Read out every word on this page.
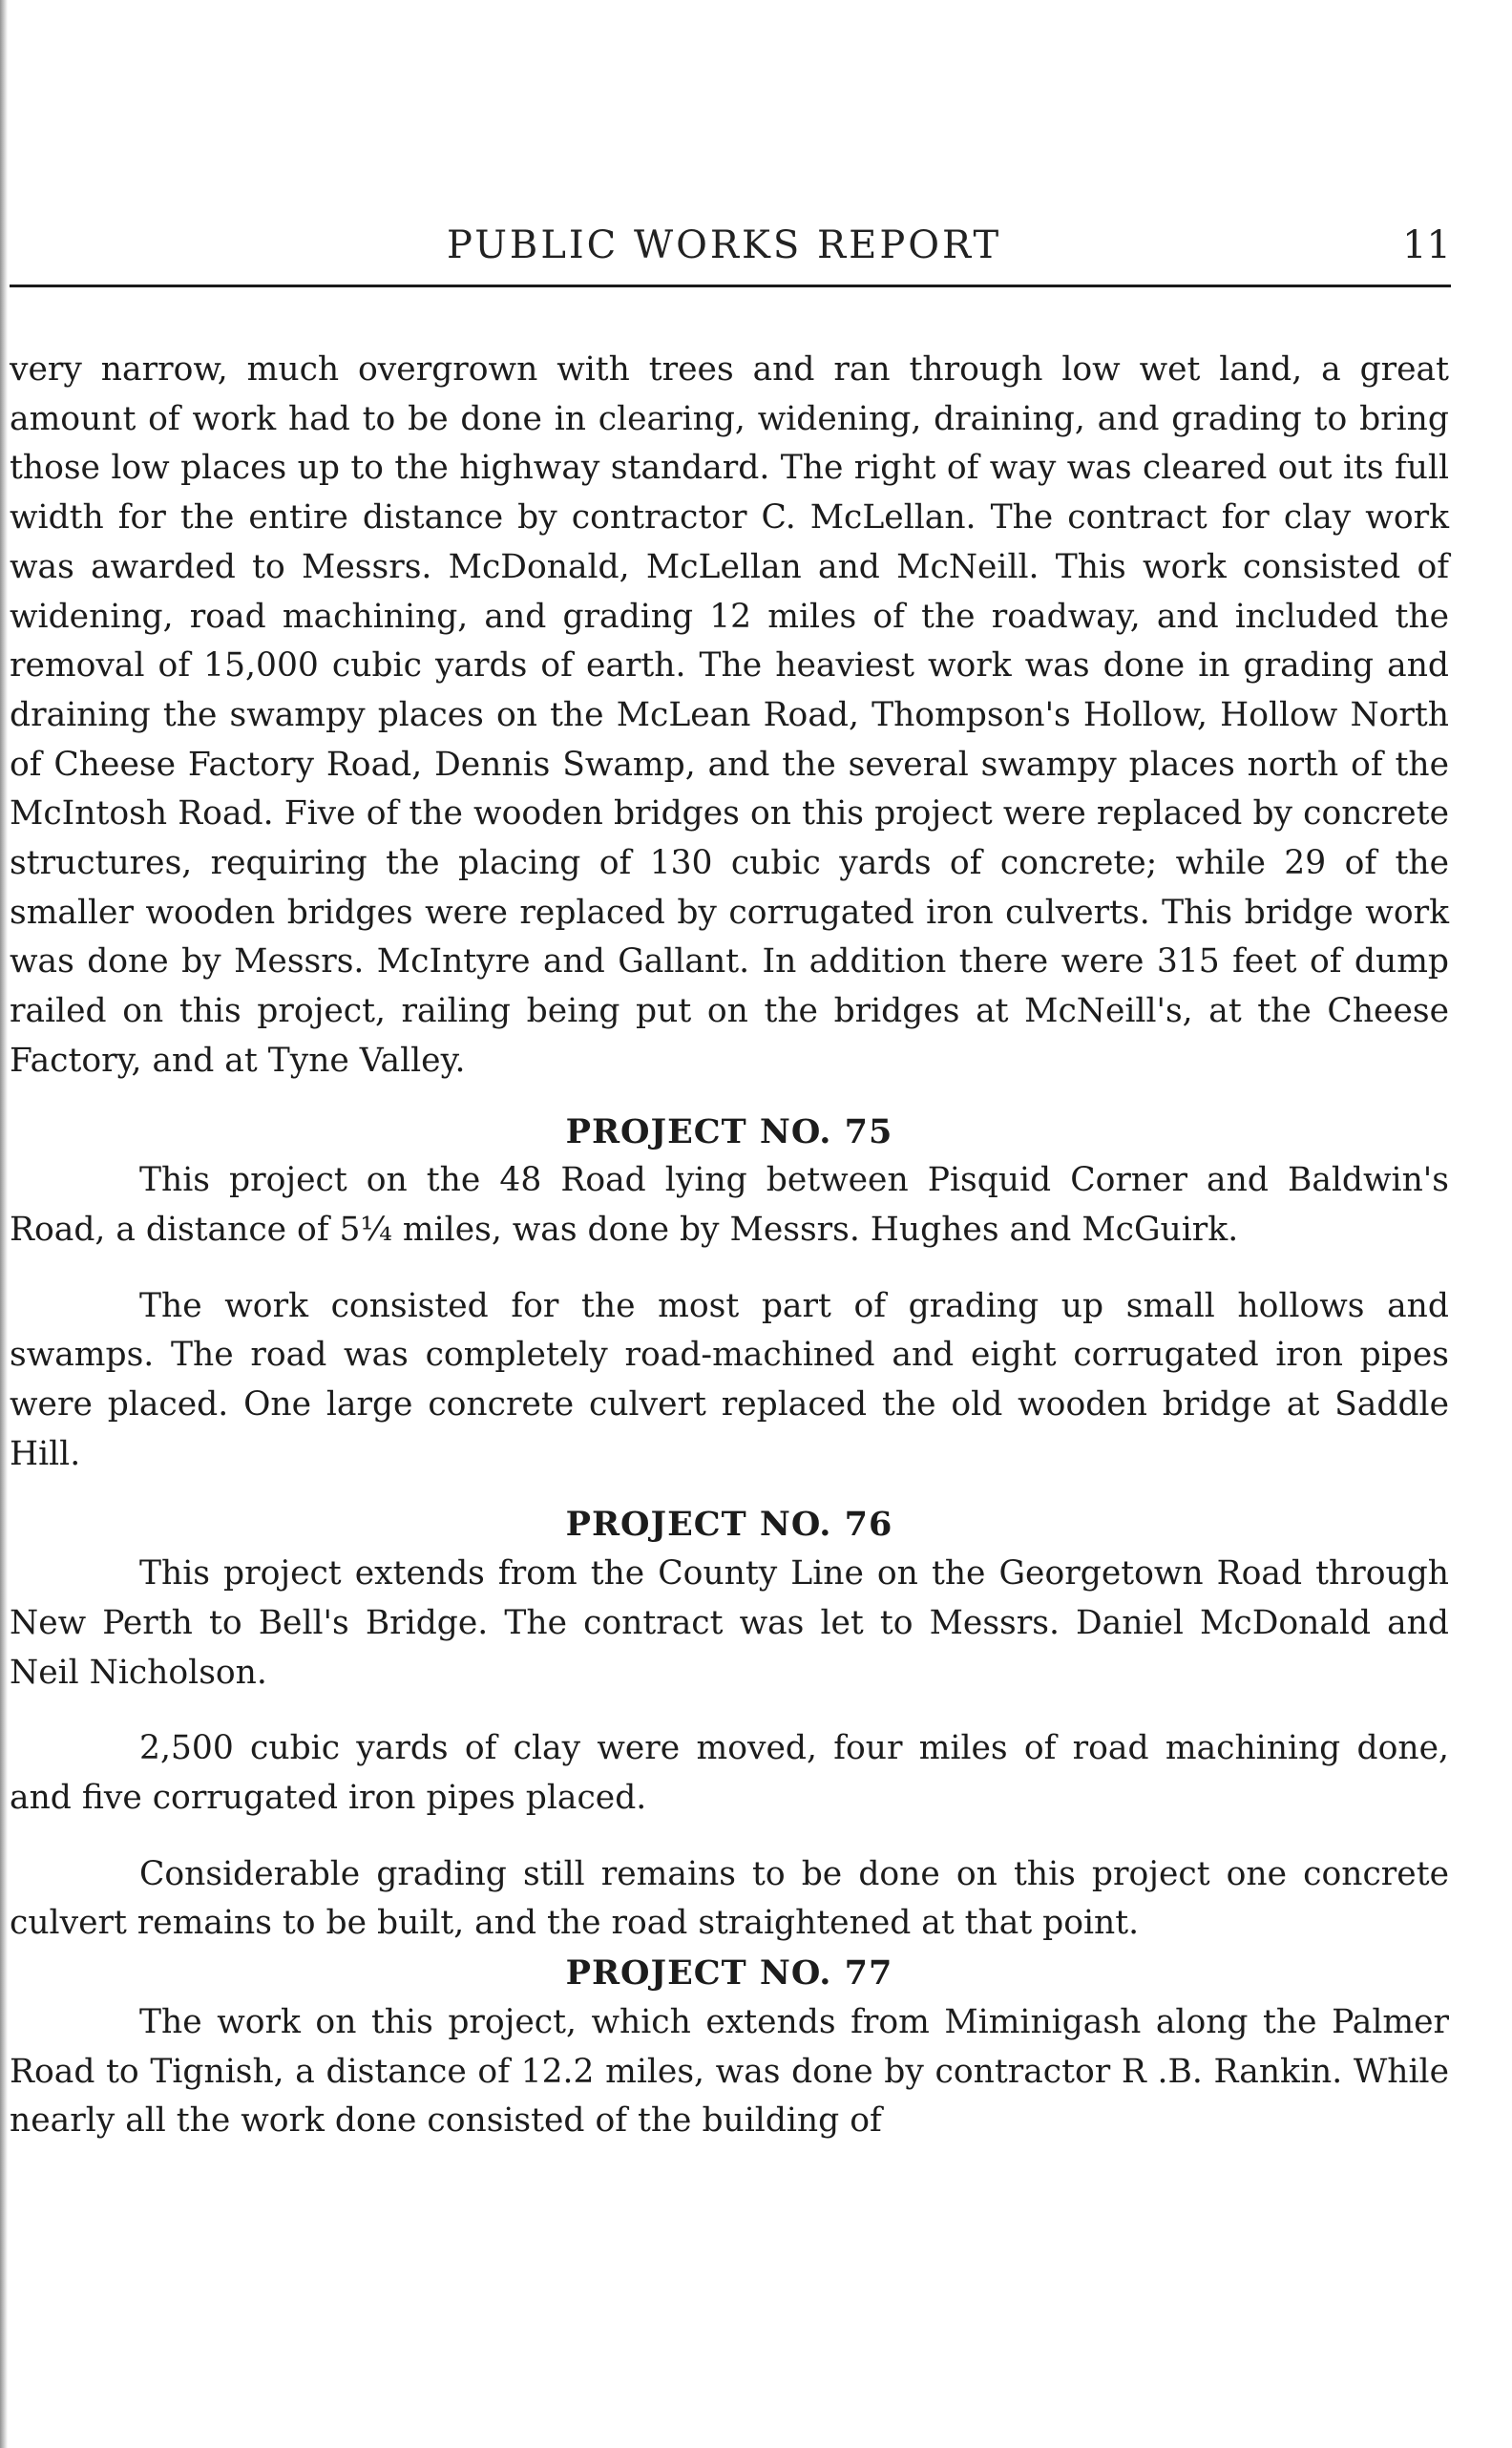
PUBLIC WORKS REPORT	11

very narrow, much overgrown with trees and ran through low wet land, a great amount of work had to be done in clearing, widening, draining, and grading to bring those low places up to the highway standard. The right of way was cleared out its full width for the entire distance by contractor C. McLellan. The contract for clay work was awarded to Messrs. McDonald, McLellan and McNeill. This work consisted of widening, road machining, and grading 12 miles of the roadway, and included the removal of 15,000 cubic yards of earth. The heaviest work was done in grading and draining the swampy places on the McLean Road, Thompson's Hollow, Hollow North of Cheese Factory Road, Dennis Swamp, and the several swampy places north of the McIntosh Road. Five of the wooden bridges on this project were replaced by concrete structures, requiring the placing of 130 cubic yards of concrete; while 29 of the smaller wooden bridges were replaced by corrugated iron culverts. This bridge work was done by Messrs. McIntyre and Gallant. In addition there were 315 feet of dump railed on this project, railing being put on the bridges at McNeill's, at the Cheese Factory, and at Tyne Valley.

PROJECT NO. 75

This project on the 48 Road lying between Pisquid Corner and Baldwin's Road, a distance of 5¼ miles, was done by Messrs. Hughes and McGuirk.

The work consisted for the most part of grading up small hollows and swamps. The road was completely road-machined and eight corrugated iron pipes were placed. One large concrete culvert replaced the old wooden bridge at Saddle Hill.

PROJECT NO. 76

This project extends from the County Line on the Georgetown Road through New Perth to Bell's Bridge. The contract was let to Messrs. Daniel McDonald and Neil Nicholson.

2,500 cubic yards of clay were moved, four miles of road machining done, and five corrugated iron pipes placed.

Considerable grading still remains to be done on this project one concrete culvert remains to be built, and the road straightened at that point.

PROJECT NO. 77

The work on this project, which extends from Miminigash along the Palmer Road to Tignish, a distance of 12.2 miles, was done by contractor R .B. Rankin. While nearly all the work done consisted of the building of
